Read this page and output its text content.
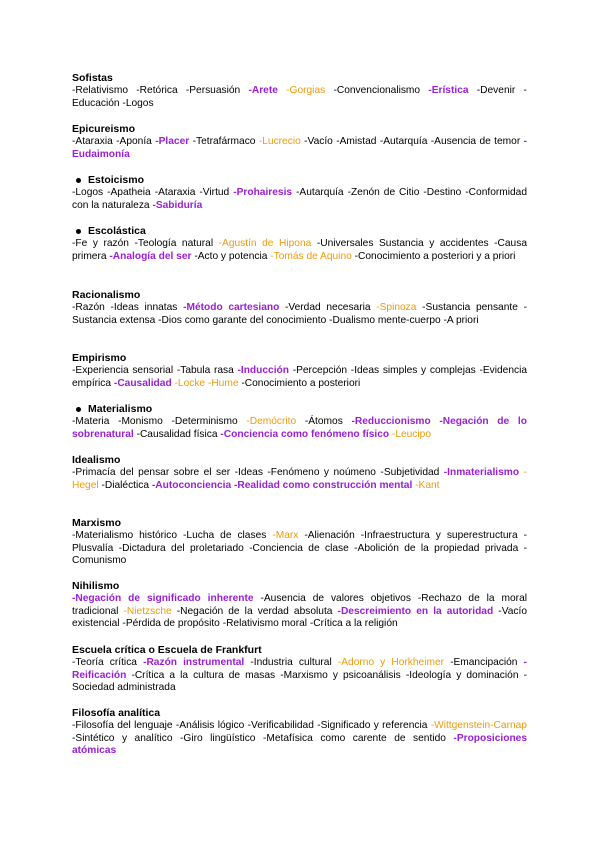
Sofistas
-Relativismo -Retórica -Persuasión -Arete -Gorgias -Convencionalismo -Erística -Devenir -Educación -Logos
Epicureismo
-Ataraxia -Aponía -Placer -Tetrafármaco -Lucrecio -Vacío -Amistad -Autarquía -Ausencia de temor -Eudaimonía
Estoicismo
-Logos -Apatheia -Ataraxia -Virtud -Prohairesis -Autarquía -Zenón de Citio -Destino -Conformidad con la naturaleza -Sabiduría
Escolástica
-Fe y razón -Teología natural -Agustín de Hipona -Universales Sustancia y accidentes -Causa primera -Analogía del ser -Acto y potencia -Tomás de Aquino -Conocimiento a posteriori y a priori
Racionalismo
-Razón -Ideas innatas -Método cartesiano -Verdad necesaria -Spinoza -Sustancia pensante -Sustancia extensa -Dios como garante del conocimiento -Dualismo mente-cuerpo -A priori
Empirismo
-Experiencia sensorial -Tabula rasa -Inducción -Percepción -Ideas simples y complejas -Evidencia empírica -Causalidad -Locke -Hume -Conocimiento a posteriori
Materialismo
-Materia -Monismo -Determinismo -Demócrito -Átomos -Reduccionismo -Negación de lo sobrenatural -Causalidad física -Conciencia como fenómeno físico -Leucipo
Idealismo
-Primacía del pensar sobre el ser -Ideas -Fenómeno y noúmeno -Subjetividad -Inmaterialismo -Hegel -Dialéctica -Autoconciencia -Realidad como construcción mental -Kant
Marxismo
-Materialismo histórico -Lucha de clases -Marx -Alienación -Infraestructura y superestructura -Plusvalía -Dictadura del proletariado -Conciencia de clase -Abolición de la propiedad privada -Comunismo
Nihilismo
-Negación de significado inherente -Ausencia de valores objetivos -Rechazo de la moral tradicional -Nietzsche -Negación de la verdad absoluta -Descreimiento en la autoridad -Vacío existencial -Pérdida de propósito -Relativismo moral -Crítica a la religión
Escuela crítica o Escuela de Frankfurt
-Teoría crítica -Razón instrumental -Industria cultural -Adorno y Horkheimer -Emancipación -Reificación -Crítica a la cultura de masas -Marxismo y psicoanálisis -Ideología y dominación -Sociedad administrada
Filosofía analítica
-Filosofía del lenguaje -Análisis lógico -Verificabilidad -Significado y referencia -Wittgenstein-Carnap -Sintético y analítico -Giro lingüístico -Metafísica como carente de sentido -Proposiciones atómicas
